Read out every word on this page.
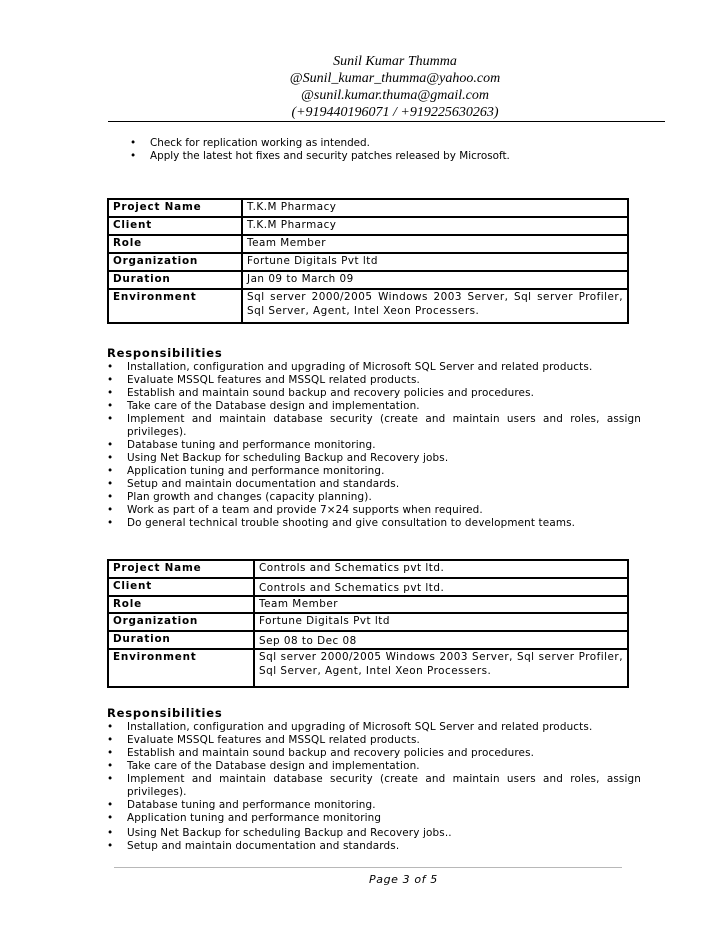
Sunil Kumar Thumma
@Sunil_kumar_thumma@yahoo.com
@sunil.kumar.thuma@gmail.com
(+919440196071 / +919225630263)
• Check for replication working as intended.
• Apply the latest hot fixes and security patches released by Microsoft.
Project Name	T.K.M Pharmacy
Client	T.K.M Pharmacy
Role	Team Member
Organization	Fortune Digitals Pvt ltd
Duration	Jan 09 to March 09
Environment	Sql server 2000/2005 Windows 2003 Server, Sql server Profiler, Sql Server, Agent, Intel Xeon Processers.
Responsibilities
• Installation, configuration and upgrading of Microsoft SQL Server and related products.
• Evaluate MSSQL features and MSSQL related products.
• Establish and maintain sound backup and recovery policies and procedures.
• Take care of the Database design and implementation.
• Implement and maintain database security (create and maintain users and roles, assign privileges).
• Database tuning and performance monitoring.
• Using Net Backup for scheduling Backup and Recovery jobs.
• Application tuning and performance monitoring.
• Setup and maintain documentation and standards.
• Plan growth and changes (capacity planning).
• Work as part of a team and provide 7×24 supports when required.
• Do general technical trouble shooting and give consultation to development teams.
Project Name	Controls and Schematics pvt ltd.
Client	Controls and Schematics pvt ltd.
Role	Team Member
Organization	Fortune Digitals Pvt ltd
Duration	Sep 08 to Dec 08
Environment	Sql server 2000/2005 Windows 2003 Server, Sql server Profiler, Sql Server, Agent, Intel Xeon Processers.
Responsibilities
• Installation, configuration and upgrading of Microsoft SQL Server and related products.
• Evaluate MSSQL features and MSSQL related products.
• Establish and maintain sound backup and recovery policies and procedures.
• Take care of the Database design and implementation.
• Implement and maintain database security (create and maintain users and roles, assign privileges).
• Database tuning and performance monitoring.
• Application tuning and performance monitoring
• Using Net Backup for scheduling Backup and Recovery jobs..
• Setup and maintain documentation and standards.
Page 3 of 5
